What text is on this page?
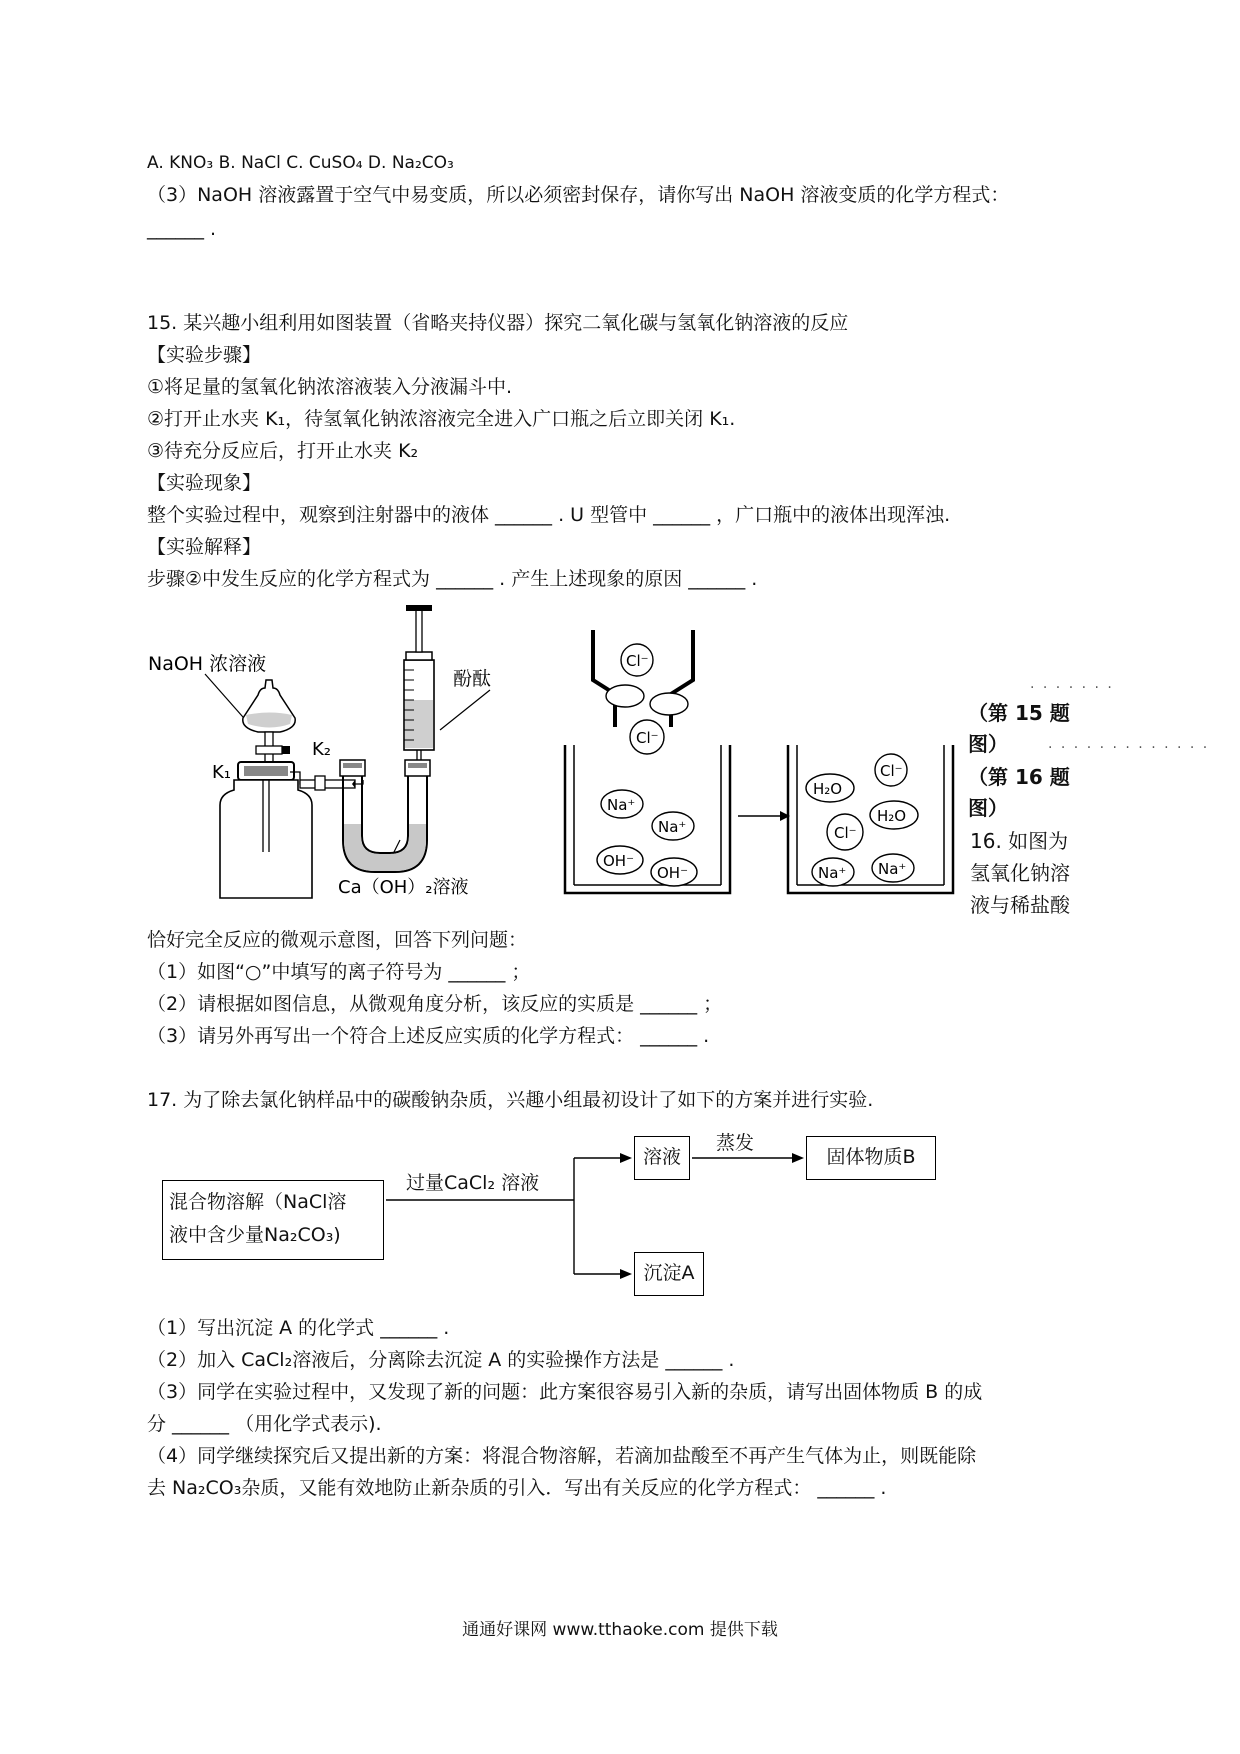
A. KNO₃ B. NaCl C. CuSO₄ D. Na₂CO₃
（3）NaOH 溶液露置于空气中易变质，所以必须密封保存，请你写出 NaOH 溶液变质的化学方程式：
______ .
15. 某兴趣小组利用如图装置（省略夹持仪器）探究二氧化碳与氢氧化钠溶液的反应
【实验步骤】
①将足量的氢氧化钠浓溶液装入分液漏斗中.
②打开止水夹 K₁，待氢氧化钠浓溶液完全进入广口瓶之后立即关闭 K₁.
③待充分反应后，打开止水夹 K₂
【实验现象】
整个实验过程中，观察到注射器中的液体 ______ . U 型管中 ______ ，广口瓶中的液体出现浑浊.
【实验解释】
步骤②中发生反应的化学方程式为 ______ . 产生上述现象的原因 ______ .
NaOH 浓溶液
酚酞
K₁
K₂
Ca（OH）₂溶液
Cl⁻
Cl⁻
Na⁺
Na⁺
OH⁻
OH⁻
H₂O
Cl⁻
Cl⁻
H₂O
Na⁺ Na⁺
· · · · · · ·
（第 15 题图）	· · · · · · · · · · · · ·
（第 16 题图）
16. 如图为
氢氧化钠溶
液与稀盐酸
恰好完全反应的微观示意图，回答下列问题：
（1）如图“○”中填写的离子符号为 ______ ；
（2）请根据如图信息，从微观角度分析，该反应的实质是 ______ ；
（3）请另外再写出一个符合上述反应实质的化学方程式： ______ .
17. 为了除去氯化钠样品中的碳酸钠杂质，兴趣小组最初设计了如下的方案并进行实验.
混合物溶解（NaCl溶
液中含少量Na₂CO₃)
过量CaCl₂ 溶液
溶液
蒸发
固体物质B
沉淀A
（1）写出沉淀 A 的化学式 ______ .
（2）加入 CaCl₂溶液后，分离除去沉淀 A 的实验操作方法是 ______ .
（3）同学在实验过程中，又发现了新的问题：此方案很容易引入新的杂质，请写出固体物质 B 的成
分 ______ （用化学式表示).
（4）同学继续探究后又提出新的方案：将混合物溶解，若滴加盐酸至不再产生气体为止，则既能除
去 Na₂CO₃杂质，又能有效地防止新杂质的引入．写出有关反应的化学方程式： ______ .
通通好课网 www.tthaoke.com 提供下载
